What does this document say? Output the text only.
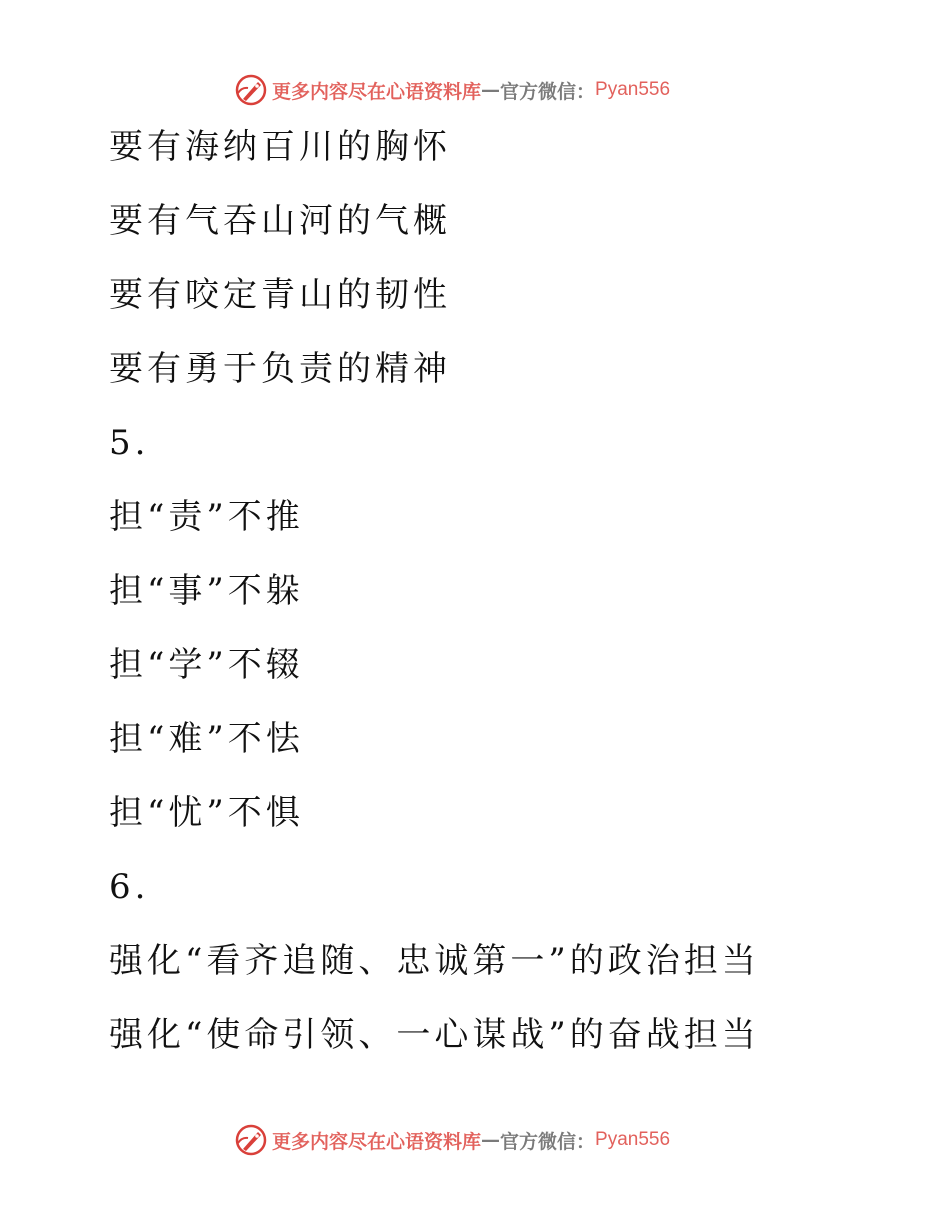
更多内容尽在心语资料库 — 官方微信： Pyan556
要有海纳百川的胸怀
要有气吞山河的气概
要有咬定青山的韧性
要有勇于负责的精神
5.
担“责”不推
担“事”不躲
担“学”不辍
担“难”不怯
担“忧”不惧
6.
强化“看齐追随、忠诚第一”的政治担当
强化“使命引领、一心谋战”的奋战担当
更多内容尽在心语资料库 — 官方微信： Pyan556
